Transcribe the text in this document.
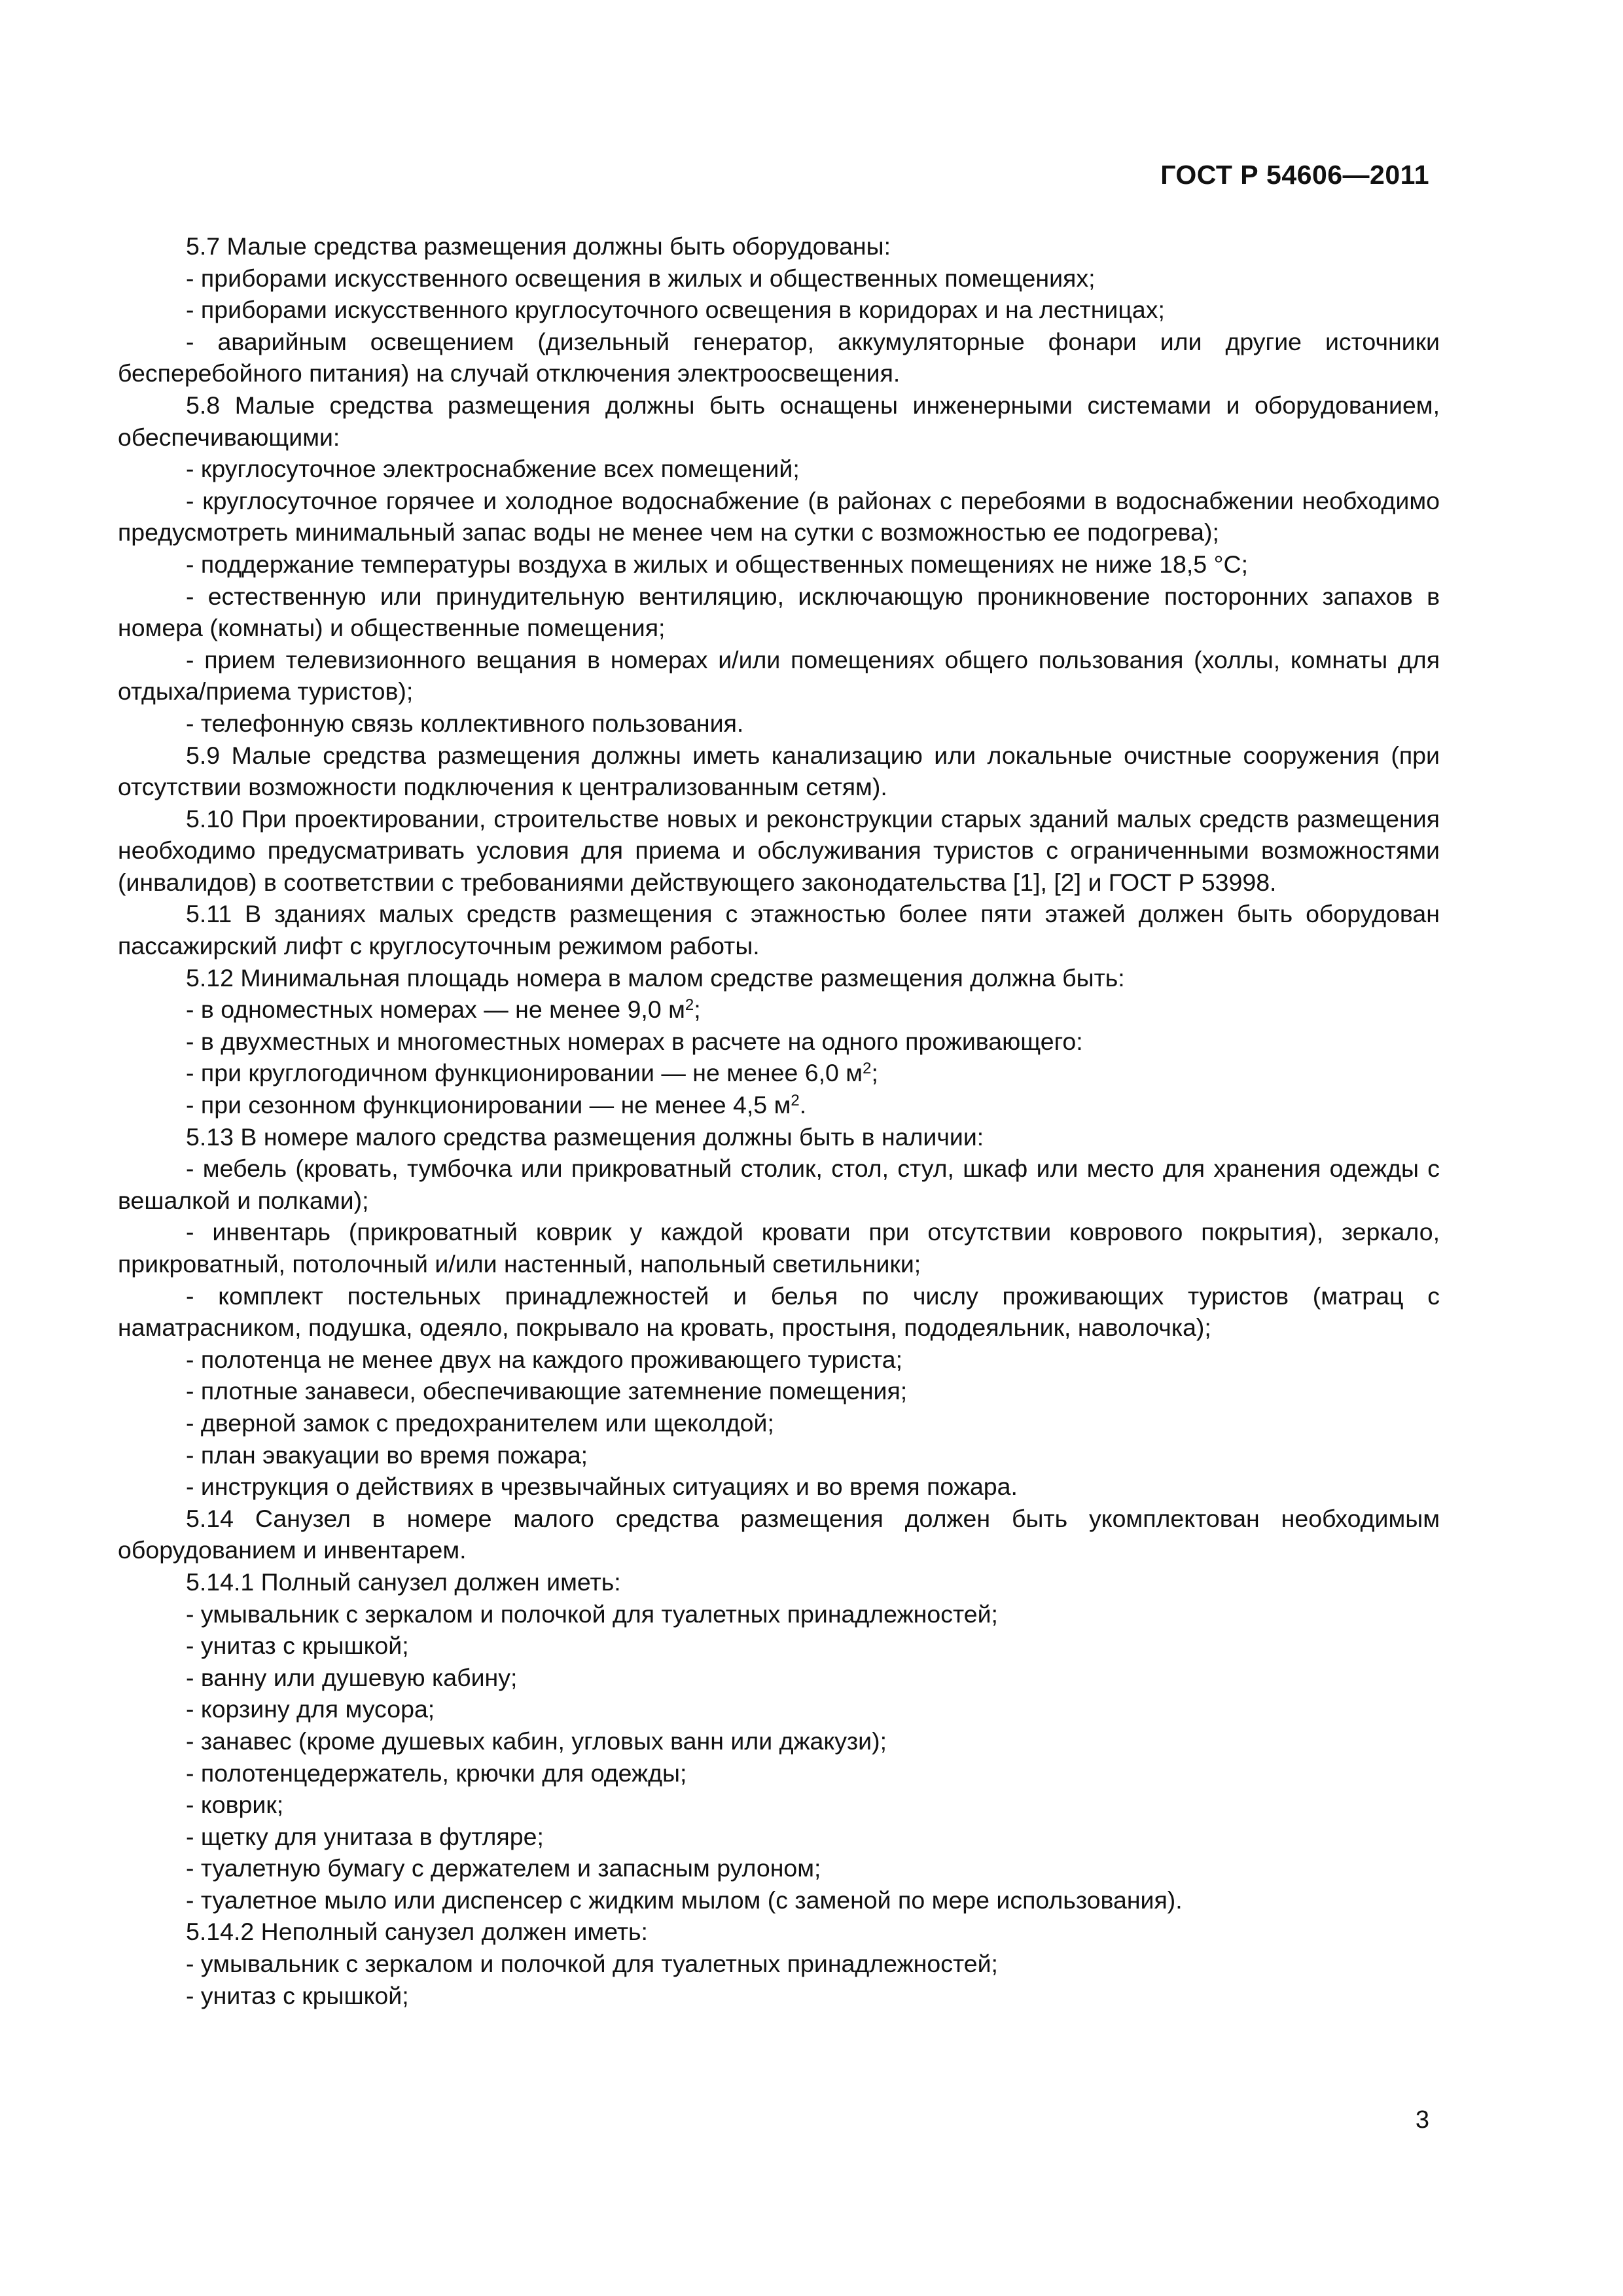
ГОСТ Р 54606—2011

5.7 Малые средства размещения должны быть оборудованы:

- приборами искусственного освещения в жилых и общественных помещениях;

- приборами искусственного круглосуточного освещения в коридорах и на лестницах;

- аварийным освещением (дизельный генератор, аккумуляторные фонари или другие источники бесперебойного питания) на случай отключения электроосвещения.

5.8 Малые средства размещения должны быть оснащены инженерными системами и оборудованием, обеспечивающими:

- круглосуточное электроснабжение всех помещений;

- круглосуточное горячее и холодное водоснабжение (в районах с перебоями в водоснабжении необходимо предусмотреть минимальный запас воды не менее чем на сутки с возможностью ее подогрева);

- поддержание температуры воздуха в жилых и общественных помещениях не ниже 18,5 °С;

- естественную или принудительную вентиляцию, исключающую проникновение посторонних запахов в номера (комнаты) и общественные помещения;

- прием телевизионного вещания в номерах и/или помещениях общего пользования (холлы, комнаты для отдыха/приема туристов);

- телефонную связь коллективного пользования.

5.9 Малые средства размещения должны иметь канализацию или локальные очистные сооружения (при отсутствии возможности подключения к централизованным сетям).

5.10 При проектировании, строительстве новых и реконструкции старых зданий малых средств размещения необходимо предусматривать условия для приема и обслуживания туристов с ограниченными возможностями (инвалидов) в соответствии с требованиями действующего законодательства [1], [2] и ГОСТ Р 53998.

5.11 В зданиях малых средств размещения с этажностью более пяти этажей должен быть оборудован пассажирский лифт с круглосуточным режимом работы.

5.12 Минимальная площадь номера в малом средстве размещения должна быть:

- в одноместных номерах — не менее 9,0 $м^2$;

- в двухместных и многоместных номерах в расчете на одного проживающего:

- при круглогодичном функционировании — не менее 6,0 $м^2$;

- при сезонном функционировании — не менее 4,5 $м^2$.

5.13 В номере малого средства размещения должны быть в наличии:

- мебель (кровать, тумбочка или прикроватный столик, стол, стул, шкаф или место для хранения одежды с вешалкой и полками);

- инвентарь (прикроватный коврик у каждой кровати при отсутствии коврового покрытия), зеркало, прикроватный, потолочный и/или настенный, напольный светильники;

- комплект постельных принадлежностей и белья по числу проживающих туристов (матрац с наматрасником, подушка, одеяло, покрывало на кровать, простыня, пододеяльник, наволочка);

- полотенца не менее двух на каждого проживающего туриста;

- плотные занавеси, обеспечивающие затемнение помещения;

- дверной замок с предохранителем или щеколдой;

- план эвакуации во время пожара;

- инструкция о действиях в чрезвычайных ситуациях и во время пожара.

5.14 Санузел в номере малого средства размещения должен быть укомплектован необходимым оборудованием и инвентарем.

5.14.1 Полный санузел должен иметь:

- умывальник с зеркалом и полочкой для туалетных принадлежностей;

- унитаз с крышкой;

- ванну или душевую кабину;

- корзину для мусора;

- занавес (кроме душевых кабин, угловых ванн или джакузи);

- полотенцедержатель, крючки для одежды;

- коврик;

- щетку для унитаза в футляре;

- туалетную бумагу с держателем и запасным рулоном;

- туалетное мыло или диспенсер с жидким мылом (с заменой по мере использования).

5.14.2 Неполный санузел должен иметь:

- умывальник с зеркалом и полочкой для туалетных принадлежностей;

- унитаз с крышкой;

3
